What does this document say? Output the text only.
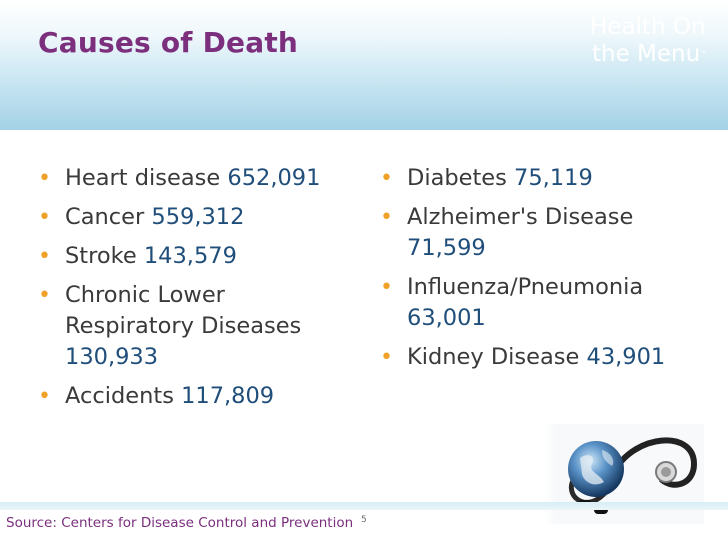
Causes of Death	Health On
the Menu™
• Heart disease 652,091
• Cancer 559,312
• Stroke 143,579
• Chronic Lower Respiratory Diseases 130,933
• Accidents 117,809
• Diabetes 75,119
• Alzheimer's Disease 71,599
• Influenza/Pneumonia 63,001
• Kidney Disease 43,901
Source: Centers for Disease Control and Prevention 5
